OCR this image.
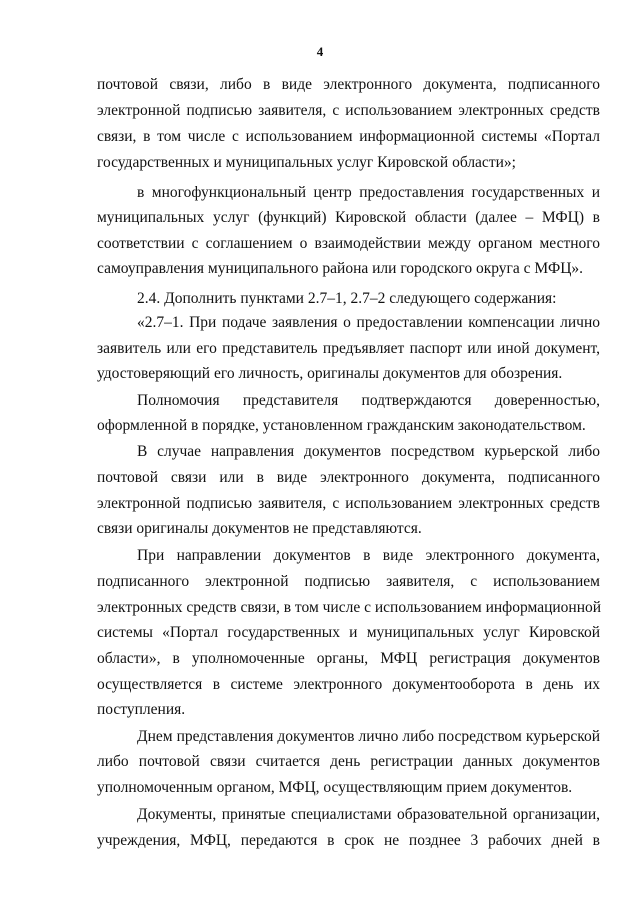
4
почтовой связи, либо в виде электронного документа, подписанного
электронной подписью заявителя, с использованием электронных средств
связи, в том числе с использованием информационной системы «Портал
государственных и муниципальных услуг Кировской области»;
в многофункциональный центр предоставления государственных и
муниципальных услуг (функций) Кировской области (далее – МФЦ) в
соответствии с соглашением о взаимодействии между органом местного
самоуправления муниципального района или городского округа с МФЦ».
2.4. Дополнить пунктами 2.7–1, 2.7–2 следующего содержания:
«2.7–1. При подаче заявления о предоставлении компенсации лично
заявитель или его представитель предъявляет паспорт или иной документ,
удостоверяющий его личность, оригиналы документов для обозрения.
Полномочия представителя подтверждаются доверенностью,
оформленной в порядке, установленном гражданским законодательством.
В случае направления документов посредством курьерской либо
почтовой связи или в виде электронного документа, подписанного
электронной подписью заявителя, с использованием электронных средств
связи оригиналы документов не представляются.
При направлении документов в виде электронного документа,
подписанного электронной подписью заявителя, с использованием
электронных средств связи, в том числе с использованием информационной
системы «Портал государственных и муниципальных услуг Кировской
области», в уполномоченные органы, МФЦ регистрация документов
осуществляется в системе электронного документооборота в день их
поступления.
Днем представления документов лично либо посредством курьерской
либо почтовой связи считается день регистрации данных документов
уполномоченным органом, МФЦ, осуществляющим прием документов.
Документы, принятые специалистами образовательной организации,
учреждения, МФЦ, передаются в срок не позднее 3 рабочих дней в
